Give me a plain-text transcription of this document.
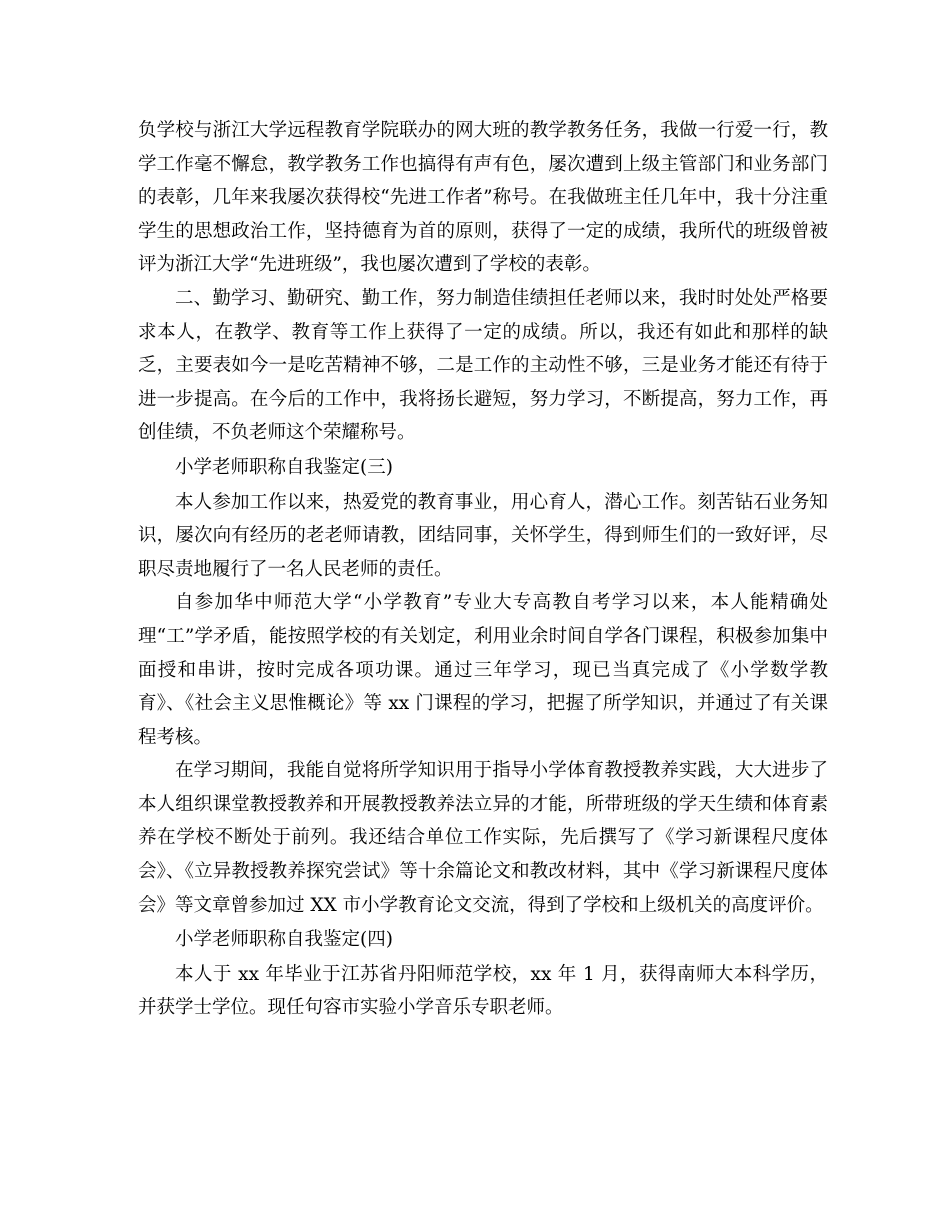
负学校与浙江大学远程教育学院联办的网大班的教学教务任务，我做一行爱一行，教学工作毫不懈怠，教学教务工作也搞得有声有色，屡次遭到上级主管部门和业务部门的表彰，几年来我屡次获得校“先进工作者”称号。在我做班主任几年中，我十分注重学生的思想政治工作，坚持德育为首的原则，获得了一定的成绩，我所代的班级曾被评为浙江大学“先进班级”，我也屡次遭到了学校的表彰。

二、勤学习、勤研究、勤工作，努力制造佳绩担任老师以来，我时时处处严格要求本人，在教学、教育等工作上获得了一定的成绩。所以，我还有如此和那样的缺乏，主要表如今一是吃苦精神不够，二是工作的主动性不够，三是业务才能还有待于进一步提高。在今后的工作中，我将扬长避短，努力学习，不断提高，努力工作，再创佳绩，不负老师这个荣耀称号。

小学老师职称自我鉴定(三)

本人参加工作以来，热爱党的教育事业，用心育人，潜心工作。刻苦钻石业务知识，屡次向有经历的老老师请教，团结同事，关怀学生，得到师生们的一致好评，尽职尽责地履行了一名人民老师的责任。

自参加华中师范大学“小学教育”专业大专高教自考学习以来，本人能精确处理“工”学矛盾，能按照学校的有关划定，利用业余时间自学各门课程，积极参加集中面授和串讲，按时完成各项功课。通过三年学习，现已当真完成了《小学数学教育》、《社会主义思惟概论》等 xx 门课程的学习，把握了所学知识，并通过了有关课程考核。

在学习期间，我能自觉将所学知识用于指导小学体育教授教养实践，大大进步了本人组织课堂教授教养和开展教授教养法立异的才能，所带班级的学天生绩和体育素养在学校不断处于前列。我还结合单位工作实际，先后撰写了《学习新课程尺度体会》、《立异教授教养探究尝试》等十余篇论文和教改材料，其中《学习新课程尺度体会》等文章曾参加过 XX 市小学教育论文交流，得到了学校和上级机关的高度评价。

小学老师职称自我鉴定(四)

本人于 xx 年毕业于江苏省丹阳师范学校，xx 年 1 月，获得南师大本科学历，并获学士学位。现任句容市实验小学音乐专职老师。
